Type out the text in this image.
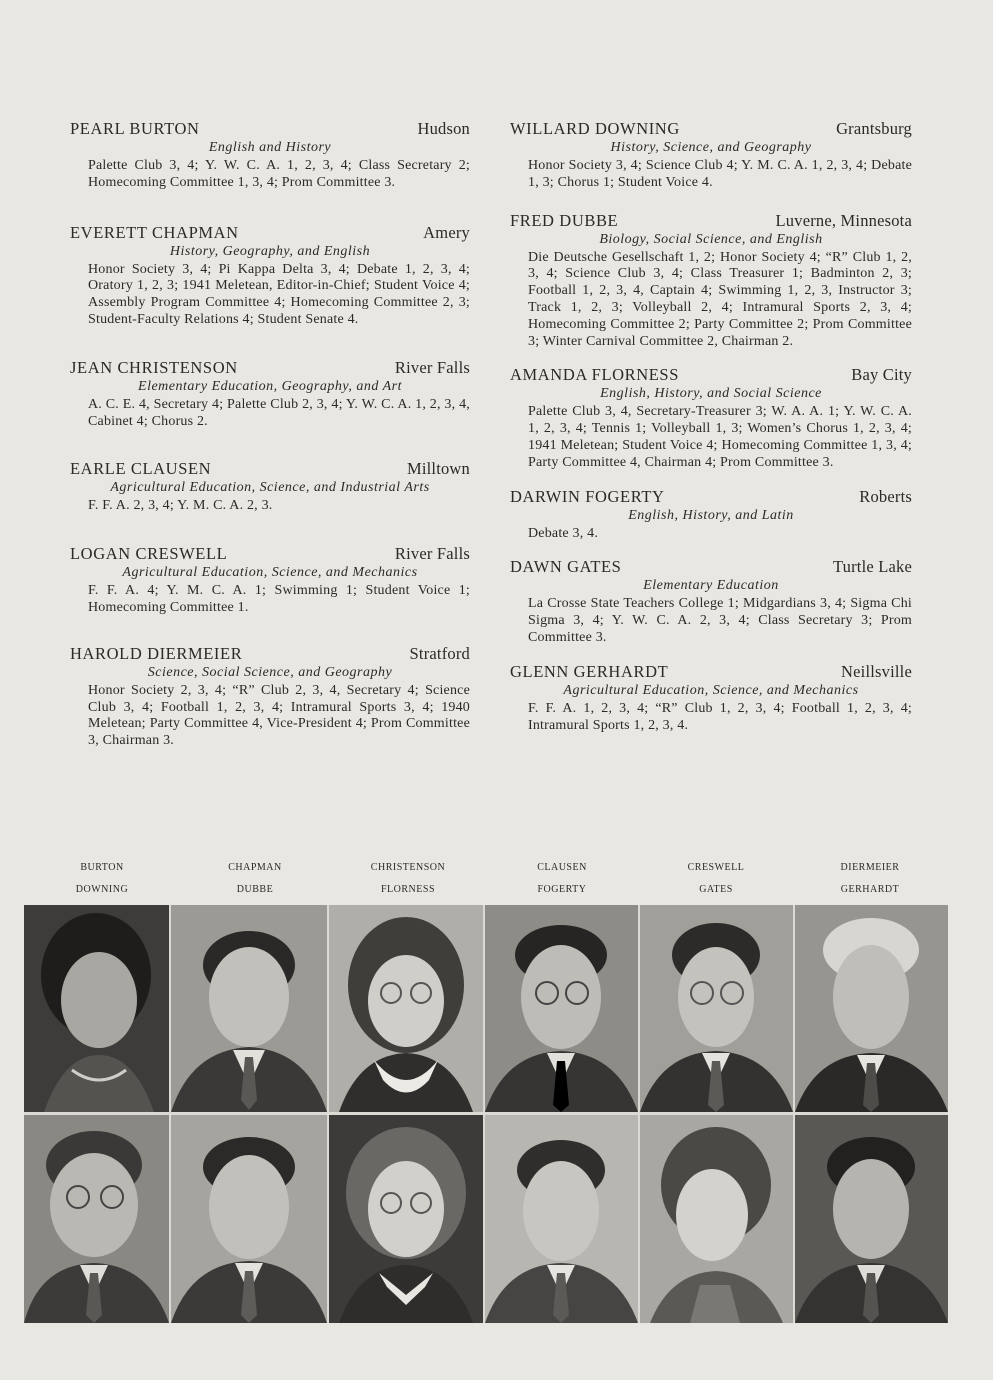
PEARL BURTON	Hudson
English and History
Palette Club 3, 4; Y. W. C. A. 1, 2, 3, 4; Class Secretary 2; Homecoming Committee 1, 3, 4; Prom Committee 3.
EVERETT CHAPMAN	Amery
History, Geography, and English
Honor Society 3, 4; Pi Kappa Delta 3, 4; Debate 1, 2, 3, 4; Oratory 1, 2, 3; 1941 Meletean, Editor-in-Chief; Student Voice 4; Assembly Program Committee 4; Homecoming Committee 2, 3; Student-Faculty Relations 4; Student Senate 4.
JEAN CHRISTENSON	River Falls
Elementary Education, Geography, and Art
A. C. E. 4, Secretary 4; Palette Club 2, 3, 4; Y. W. C. A. 1, 2, 3, 4, Cabinet 4; Chorus 2.
EARLE CLAUSEN	Milltown
Agricultural Education, Science, and Industrial Arts
F. F. A. 2, 3, 4; Y. M. C. A. 2, 3.
LOGAN CRESWELL	River Falls
Agricultural Education, Science, and Mechanics
F. F. A. 4; Y. M. C. A. 1; Swimming 1; Student Voice 1; Homecoming Committee 1.
HAROLD DIERMEIER	Stratford
Science, Social Science, and Geography
Honor Society 2, 3, 4; “R” Club 2, 3, 4, Secretary 4; Science Club 3, 4; Football 1, 2, 3, 4; Intramural Sports 3, 4; 1940 Meletean; Party Committee 4, Vice-President 4; Prom Committee 3, Chairman 3.
WILLARD DOWNING	Grantsburg
History, Science, and Geography
Honor Society 3, 4; Science Club 4; Y. M. C. A. 1, 2, 3, 4; Debate 1, 3; Chorus 1; Student Voice 4.
FRED DUBBE	Luverne, Minnesota
Biology, Social Science, and English
Die Deutsche Gesellschaft 1, 2; Honor Society 4; “R” Club 1, 2, 3, 4; Science Club 3, 4; Class Treasurer 1; Badminton 2, 3; Football 1, 2, 3, 4, Captain 4; Swimming 1, 2, 3, Instructor 3; Track 1, 2, 3; Volleyball 2, 4; Intramural Sports 2, 3, 4; Homecoming Committee 2; Party Committee 2; Prom Committee 3; Winter Carnival Committee 2, Chairman 2.
AMANDA FLORNESS	Bay City
English, History, and Social Science
Palette Club 3, 4, Secretary-Treasurer 3; W. A. A. 1; Y. W. C. A. 1, 2, 3, 4; Tennis 1; Volleyball 1, 3; Women’s Chorus 1, 2, 3, 4; 1941 Meletean; Student Voice 4; Homecoming Committee 1, 3, 4; Party Committee 4, Chairman 4; Prom Committee 3.
DARWIN FOGERTY	Roberts
English, History, and Latin
Debate 3, 4.
DAWN GATES	Turtle Lake
Elementary Education
La Crosse State Teachers College 1; Midgardians 3, 4; Sigma Chi Sigma 3, 4; Y. W. C. A. 2, 3, 4; Class Secretary 3; Prom Committee 3.
GLENN GERHARDT	Neillsville
Agricultural Education, Science, and Mechanics
F. F. A. 1, 2, 3, 4; “R” Club 1, 2, 3, 4; Football 1, 2, 3, 4; Intramural Sports 1, 2, 3, 4.
BURTON	CHAPMAN	CHRISTENSON	CLAUSEN	CRESWELL	DIERMEIER
DOWNING	DUBBE	FLORNESS	FOGERTY	GATES	GERHARDT
